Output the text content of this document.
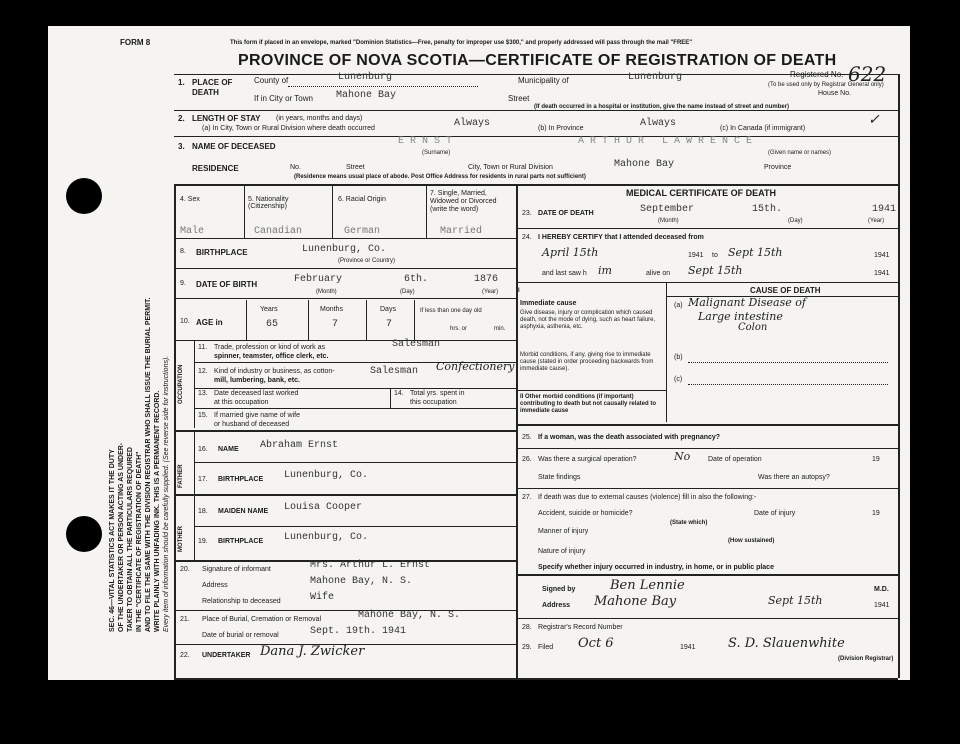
FORM 8	This form if placed in an envelope, marked "Dominion Statistics—Free, penalty for improper use $300," and properly addressed will pass through the mail "FREE"
PROVINCE OF NOVA SCOTIA—CERTIFICATE OF REGISTRATION OF DEATH
Registered No. 622
(To be used only by Registrar General only)
House No.
SEC. 46—VITAL STATISTICS ACT MAKES IT THE DUTY OF THE UNDERTAKER OR PERSON ACTING AS UNDER- TAKER TO OBTAIN ALL THE PARTICULARS REQUIRED IN THE "CERTIFICATE OF REGISTRATION OF DEATH" AND TO FILE THE SAME WITH THE DIVISION REGISTRAR WHO SHALL ISSUE THE BURIAL PERMIT. WRITE PLAINLY WITH UNFADING INK. THIS IS A PERMANENT RECORD. Every item of information should be carefully supplied. (See reverse side for instructions).
1. PLACE OF DEATH
County of	Lunenburg	Municipality of	Lunenburg
If in City or Town Mahone Bay	Street
(If death occurred in a hospital or institution, give the name instead of street and number)
2. LENGTH OF STAY (in years, months and days)
(a) In City, Town or Rural Division where death occurred	Always	(b) In Province	Always	(c) In Canada (if immigrant)
✓
3. NAME OF DECEASED	ERNST
(Surname)
ARTHUR LAWRENCE
(Given name or names)
RESIDENCE	No.	Street	City, Town or Rural Division	Mahone Bay	Province
(Residence means usual place of abode. Post Office Address for residents in rural parts not sufficient)
4. Sex
Male
5. Nationality (Citizenship)
Canadian
6. Racial Origin
German
7. Single, Married, Widowed or Divorced (write the word)
Married
8. BIRTHPLACE	Lunenburg, Co.
(Province or Country)
9. DATE OF BIRTH	February	6th.	1876
(Month)	(Day)	(Year)
10. AGE in
Years	Months	Days
65	7	7
If less than one day old
hrs. or	min.
OCCUPATION
11. Trade, profession or kind of work as
spinner, teamster, office clerk, etc.
Salesman
12. Kind of industry or business, as cotton-
mill, lumbering, bank, etc.
Salesman Confectionery
13. Date deceased last worked
at this occupation
14. Total yrs. spent in
this occupation
15. If married give name of wife
or husband of deceased
FATHER
MOTHER
16. NAME Abraham Ernst
17. BIRTHPLACE Lunenburg, Co.
18. MAIDEN NAME Louisa Cooper
19. BIRTHPLACE Lunenburg, Co.
20. Signature of informant	Mrs. Arthur L. Ernst
Address	Mahone Bay, N. S.
Relationship to deceased	Wife
21. Place of Burial, Cremation or Removal	Mahone Bay, N. S.
Date of burial or removal	Sept. 19th. 1941
22. UNDERTAKER Dana J. Zwicker
MEDICAL CERTIFICATE OF DEATH
23. DATE OF DEATH	September	15th.	1941
(Month)	(Day)	(Year)
24. I HEREBY CERTIFY that I attended deceased from
April 15th	1941 to Sept 15th	1941
and last saw h im	alive on Sept 15th	1941
CAUSE OF DEATH
I
Immediate cause
Give disease, injury or complication which caused death, not the mode of dying, such as heart failure, asphyxia, asthenia, etc.
(a) Malignant Disease of
Large intestine
Colon
Morbid conditions, if any, giving rise to immediate cause (stated in order proceeding backwards from immediate cause).
(b)
(c)
II Other morbid conditions (if important) contributing to death but not causally related to immediate cause
25. If a woman, was the death associated with pregnancy?
26. Was there a surgical operation?	No	Date of operation	19
State findings	Was there an autopsy?
27. If death was due to external causes (violence) fill in also the following:-
Accident, suicide or homicide?	Date of injury	19
(State which)
Manner of injury
(How sustained)
Nature of injury
Specify whether injury occurred in industry, in home, or in public place
Signed by	Ben Lennie	M.D.
Address Mahone Bay	Sept 15th	1941
28. Registrar's Record Number
29. Filed Oct 6	1941 S. D. Slauenwhite
(Division Registrar)
